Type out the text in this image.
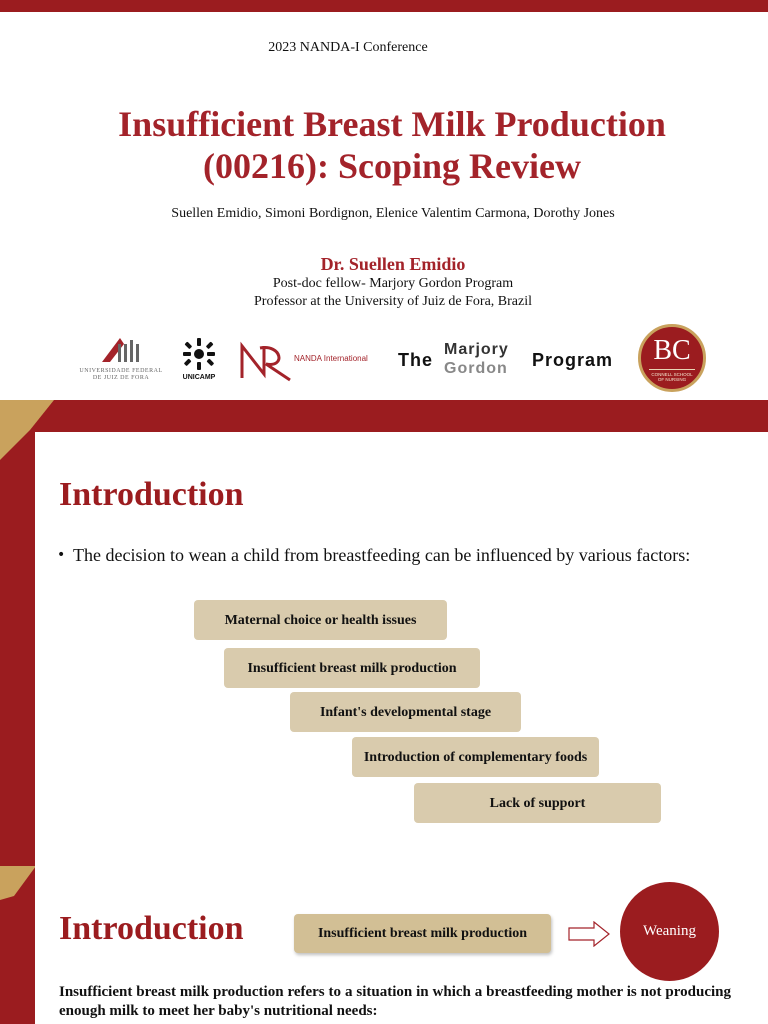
2023 NANDA-I Conference
Insufficient Breast Milk Production
(00216): Scoping Review
Suellen Emidio, Simoni Bordignon, Elenice Valentim Carmona, Dorothy Jones
Dr. Suellen Emidio
Post-doc fellow- Marjory Gordon Program
Professor at the University of Juiz de Fora, Brazil
UNIVERSIDADE FEDERAL DE JUIZ DE FORA	UNICAMP
NANDA International The
Marjory
Gordon Program	BC
CONNELL SCHOOL OF NURSING
Introduction
• The decision to wean a child from breastfeeding can be influenced by various factors:
Maternal choice or health issues
Insufficient breast milk production
Infant's developmental stage
Introduction of complementary foods
Lack of support
Introduction	Insufficient breast milk production	Weaning
Insufficient breast milk production refers to a situation in which a breastfeeding mother is not producing enough milk to meet her baby's nutritional needs:
